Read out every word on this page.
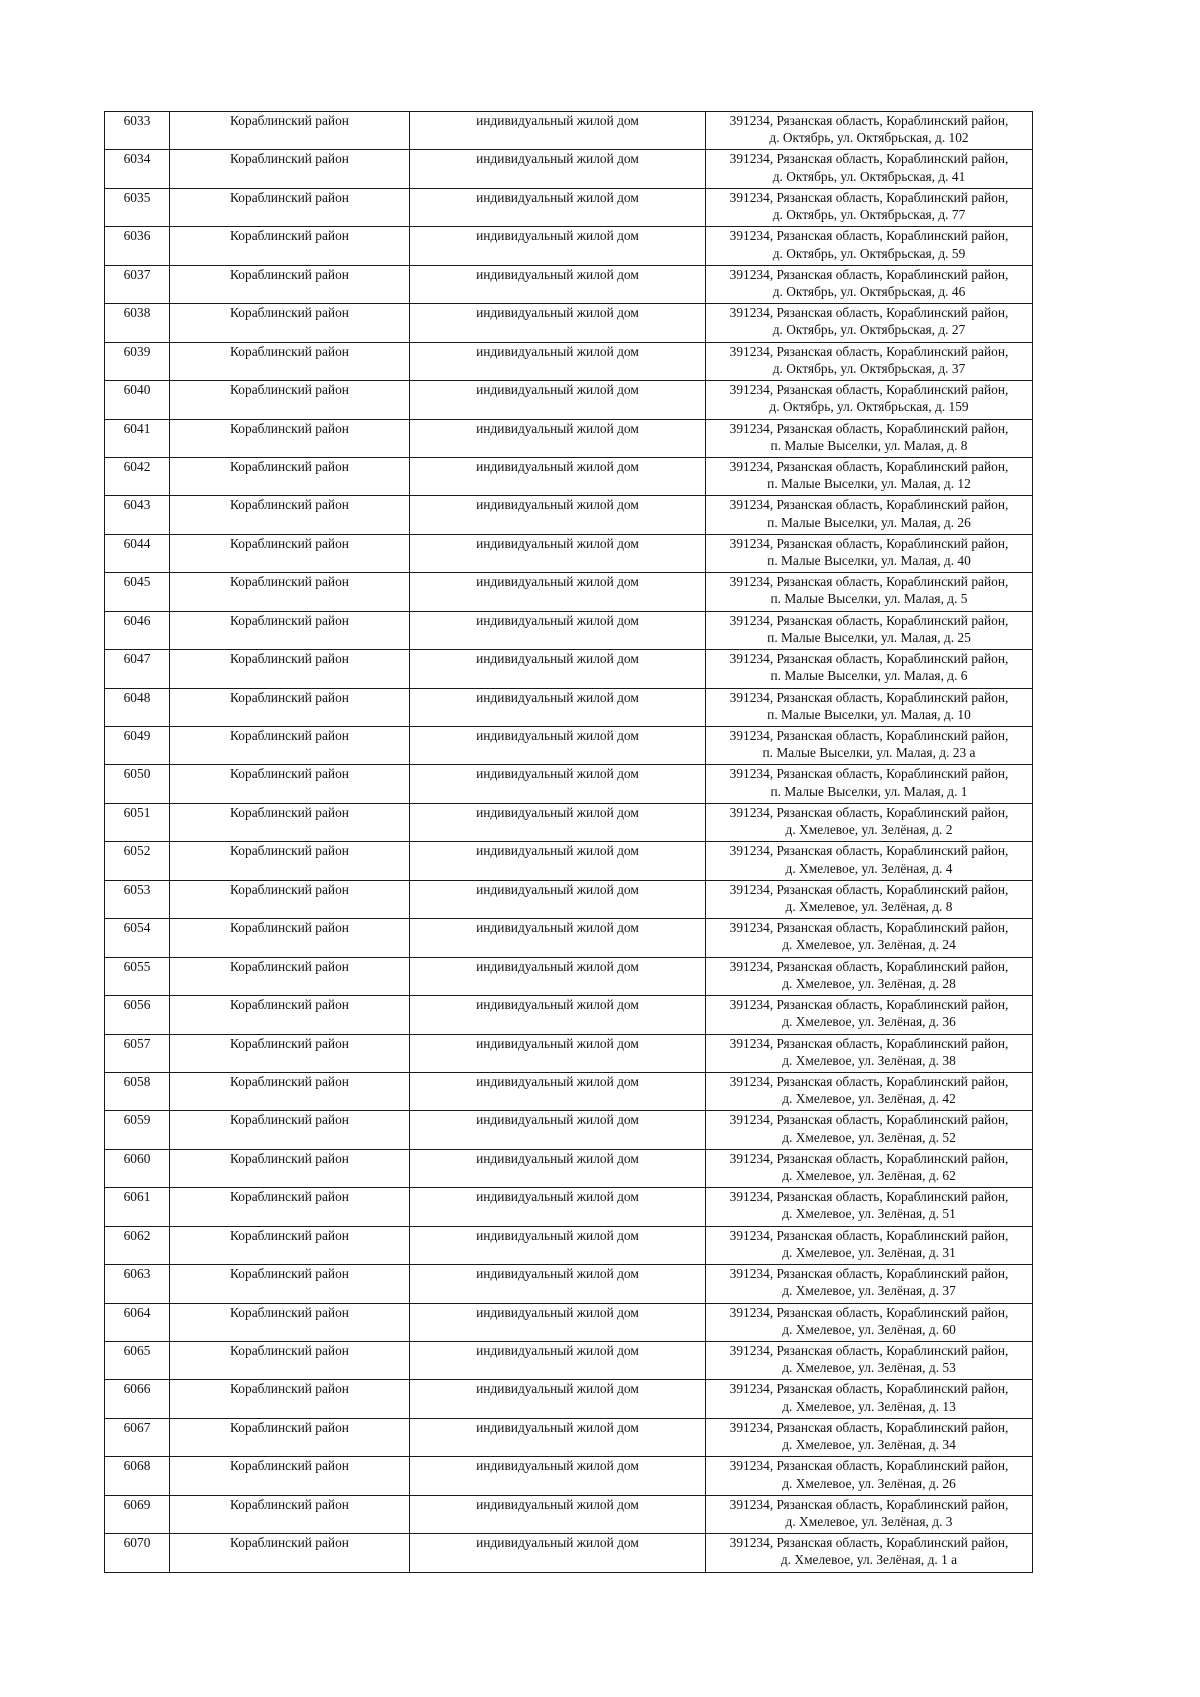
6033	Кораблинский район	индивидуальный жилой дом	391234, Рязанская область, Кораблинский район,
д. Октябрь, ул. Октябрьская, д. 102

6034	Кораблинский район	индивидуальный жилой дом	391234, Рязанская область, Кораблинский район,
д. Октябрь, ул. Октябрьская, д. 41

6035	Кораблинский район	индивидуальный жилой дом	391234, Рязанская область, Кораблинский район,
д. Октябрь, ул. Октябрьская, д. 77

6036	Кораблинский район	индивидуальный жилой дом	391234, Рязанская область, Кораблинский район,
д. Октябрь, ул. Октябрьская, д. 59

6037	Кораблинский район	индивидуальный жилой дом	391234, Рязанская область, Кораблинский район,
д. Октябрь, ул. Октябрьская, д. 46

6038	Кораблинский район	индивидуальный жилой дом	391234, Рязанская область, Кораблинский район,
д. Октябрь, ул. Октябрьская, д. 27

6039	Кораблинский район	индивидуальный жилой дом	391234, Рязанская область, Кораблинский район,
д. Октябрь, ул. Октябрьская, д. 37

6040	Кораблинский район	индивидуальный жилой дом	391234, Рязанская область, Кораблинский район,
д. Октябрь, ул. Октябрьская, д. 159

6041	Кораблинский район	индивидуальный жилой дом	391234, Рязанская область, Кораблинский район,
п. Малые Выселки, ул. Малая, д. 8

6042	Кораблинский район	индивидуальный жилой дом	391234, Рязанская область, Кораблинский район,
п. Малые Выселки, ул. Малая, д. 12

6043	Кораблинский район	индивидуальный жилой дом	391234, Рязанская область, Кораблинский район,
п. Малые Выселки, ул. Малая, д. 26

6044	Кораблинский район	индивидуальный жилой дом	391234, Рязанская область, Кораблинский район,
п. Малые Выселки, ул. Малая, д. 40

6045	Кораблинский район	индивидуальный жилой дом	391234, Рязанская область, Кораблинский район,
п. Малые Выселки, ул. Малая, д. 5

6046	Кораблинский район	индивидуальный жилой дом	391234, Рязанская область, Кораблинский район,
п. Малые Выселки, ул. Малая, д. 25

6047	Кораблинский район	индивидуальный жилой дом	391234, Рязанская область, Кораблинский район,
п. Малые Выселки, ул. Малая, д. 6

6048	Кораблинский район	индивидуальный жилой дом	391234, Рязанская область, Кораблинский район,
п. Малые Выселки, ул. Малая, д. 10

6049	Кораблинский район	индивидуальный жилой дом	391234, Рязанская область, Кораблинский район,
п. Малые Выселки, ул. Малая, д. 23 а

6050	Кораблинский район	индивидуальный жилой дом	391234, Рязанская область, Кораблинский район,
п. Малые Выселки, ул. Малая, д. 1

6051	Кораблинский район	индивидуальный жилой дом	391234, Рязанская область, Кораблинский район,
д. Хмелевое, ул. Зелёная, д. 2

6052	Кораблинский район	индивидуальный жилой дом	391234, Рязанская область, Кораблинский район,
д. Хмелевое, ул. Зелёная, д. 4

6053	Кораблинский район	индивидуальный жилой дом	391234, Рязанская область, Кораблинский район,
д. Хмелевое, ул. Зелёная, д. 8

6054	Кораблинский район	индивидуальный жилой дом	391234, Рязанская область, Кораблинский район,
д. Хмелевое, ул. Зелёная, д. 24

6055	Кораблинский район	индивидуальный жилой дом	391234, Рязанская область, Кораблинский район,
д. Хмелевое, ул. Зелёная, д. 28

6056	Кораблинский район	индивидуальный жилой дом	391234, Рязанская область, Кораблинский район,
д. Хмелевое, ул. Зелёная, д. 36

6057	Кораблинский район	индивидуальный жилой дом	391234, Рязанская область, Кораблинский район,
д. Хмелевое, ул. Зелёная, д. 38

6058	Кораблинский район	индивидуальный жилой дом	391234, Рязанская область, Кораблинский район,
д. Хмелевое, ул. Зелёная, д. 42

6059	Кораблинский район	индивидуальный жилой дом	391234, Рязанская область, Кораблинский район,
д. Хмелевое, ул. Зелёная, д. 52

6060	Кораблинский район	индивидуальный жилой дом	391234, Рязанская область, Кораблинский район,
д. Хмелевое, ул. Зелёная, д. 62

6061	Кораблинский район	индивидуальный жилой дом	391234, Рязанская область, Кораблинский район,
д. Хмелевое, ул. Зелёная, д. 51

6062	Кораблинский район	индивидуальный жилой дом	391234, Рязанская область, Кораблинский район,
д. Хмелевое, ул. Зелёная, д. 31

6063	Кораблинский район	индивидуальный жилой дом	391234, Рязанская область, Кораблинский район,
д. Хмелевое, ул. Зелёная, д. 37

6064	Кораблинский район	индивидуальный жилой дом	391234, Рязанская область, Кораблинский район,
д. Хмелевое, ул. Зелёная, д. 60

6065	Кораблинский район	индивидуальный жилой дом	391234, Рязанская область, Кораблинский район,
д. Хмелевое, ул. Зелёная, д. 53

6066	Кораблинский район	индивидуальный жилой дом	391234, Рязанская область, Кораблинский район,
д. Хмелевое, ул. Зелёная, д. 13

6067	Кораблинский район	индивидуальный жилой дом	391234, Рязанская область, Кораблинский район,
д. Хмелевое, ул. Зелёная, д. 34

6068	Кораблинский район	индивидуальный жилой дом	391234, Рязанская область, Кораблинский район,
д. Хмелевое, ул. Зелёная, д. 26

6069	Кораблинский район	индивидуальный жилой дом	391234, Рязанская область, Кораблинский район,
д. Хмелевое, ул. Зелёная, д. 3

6070	Кораблинский район	индивидуальный жилой дом	391234, Рязанская область, Кораблинский район,
д. Хмелевое, ул. Зелёная, д. 1 а
